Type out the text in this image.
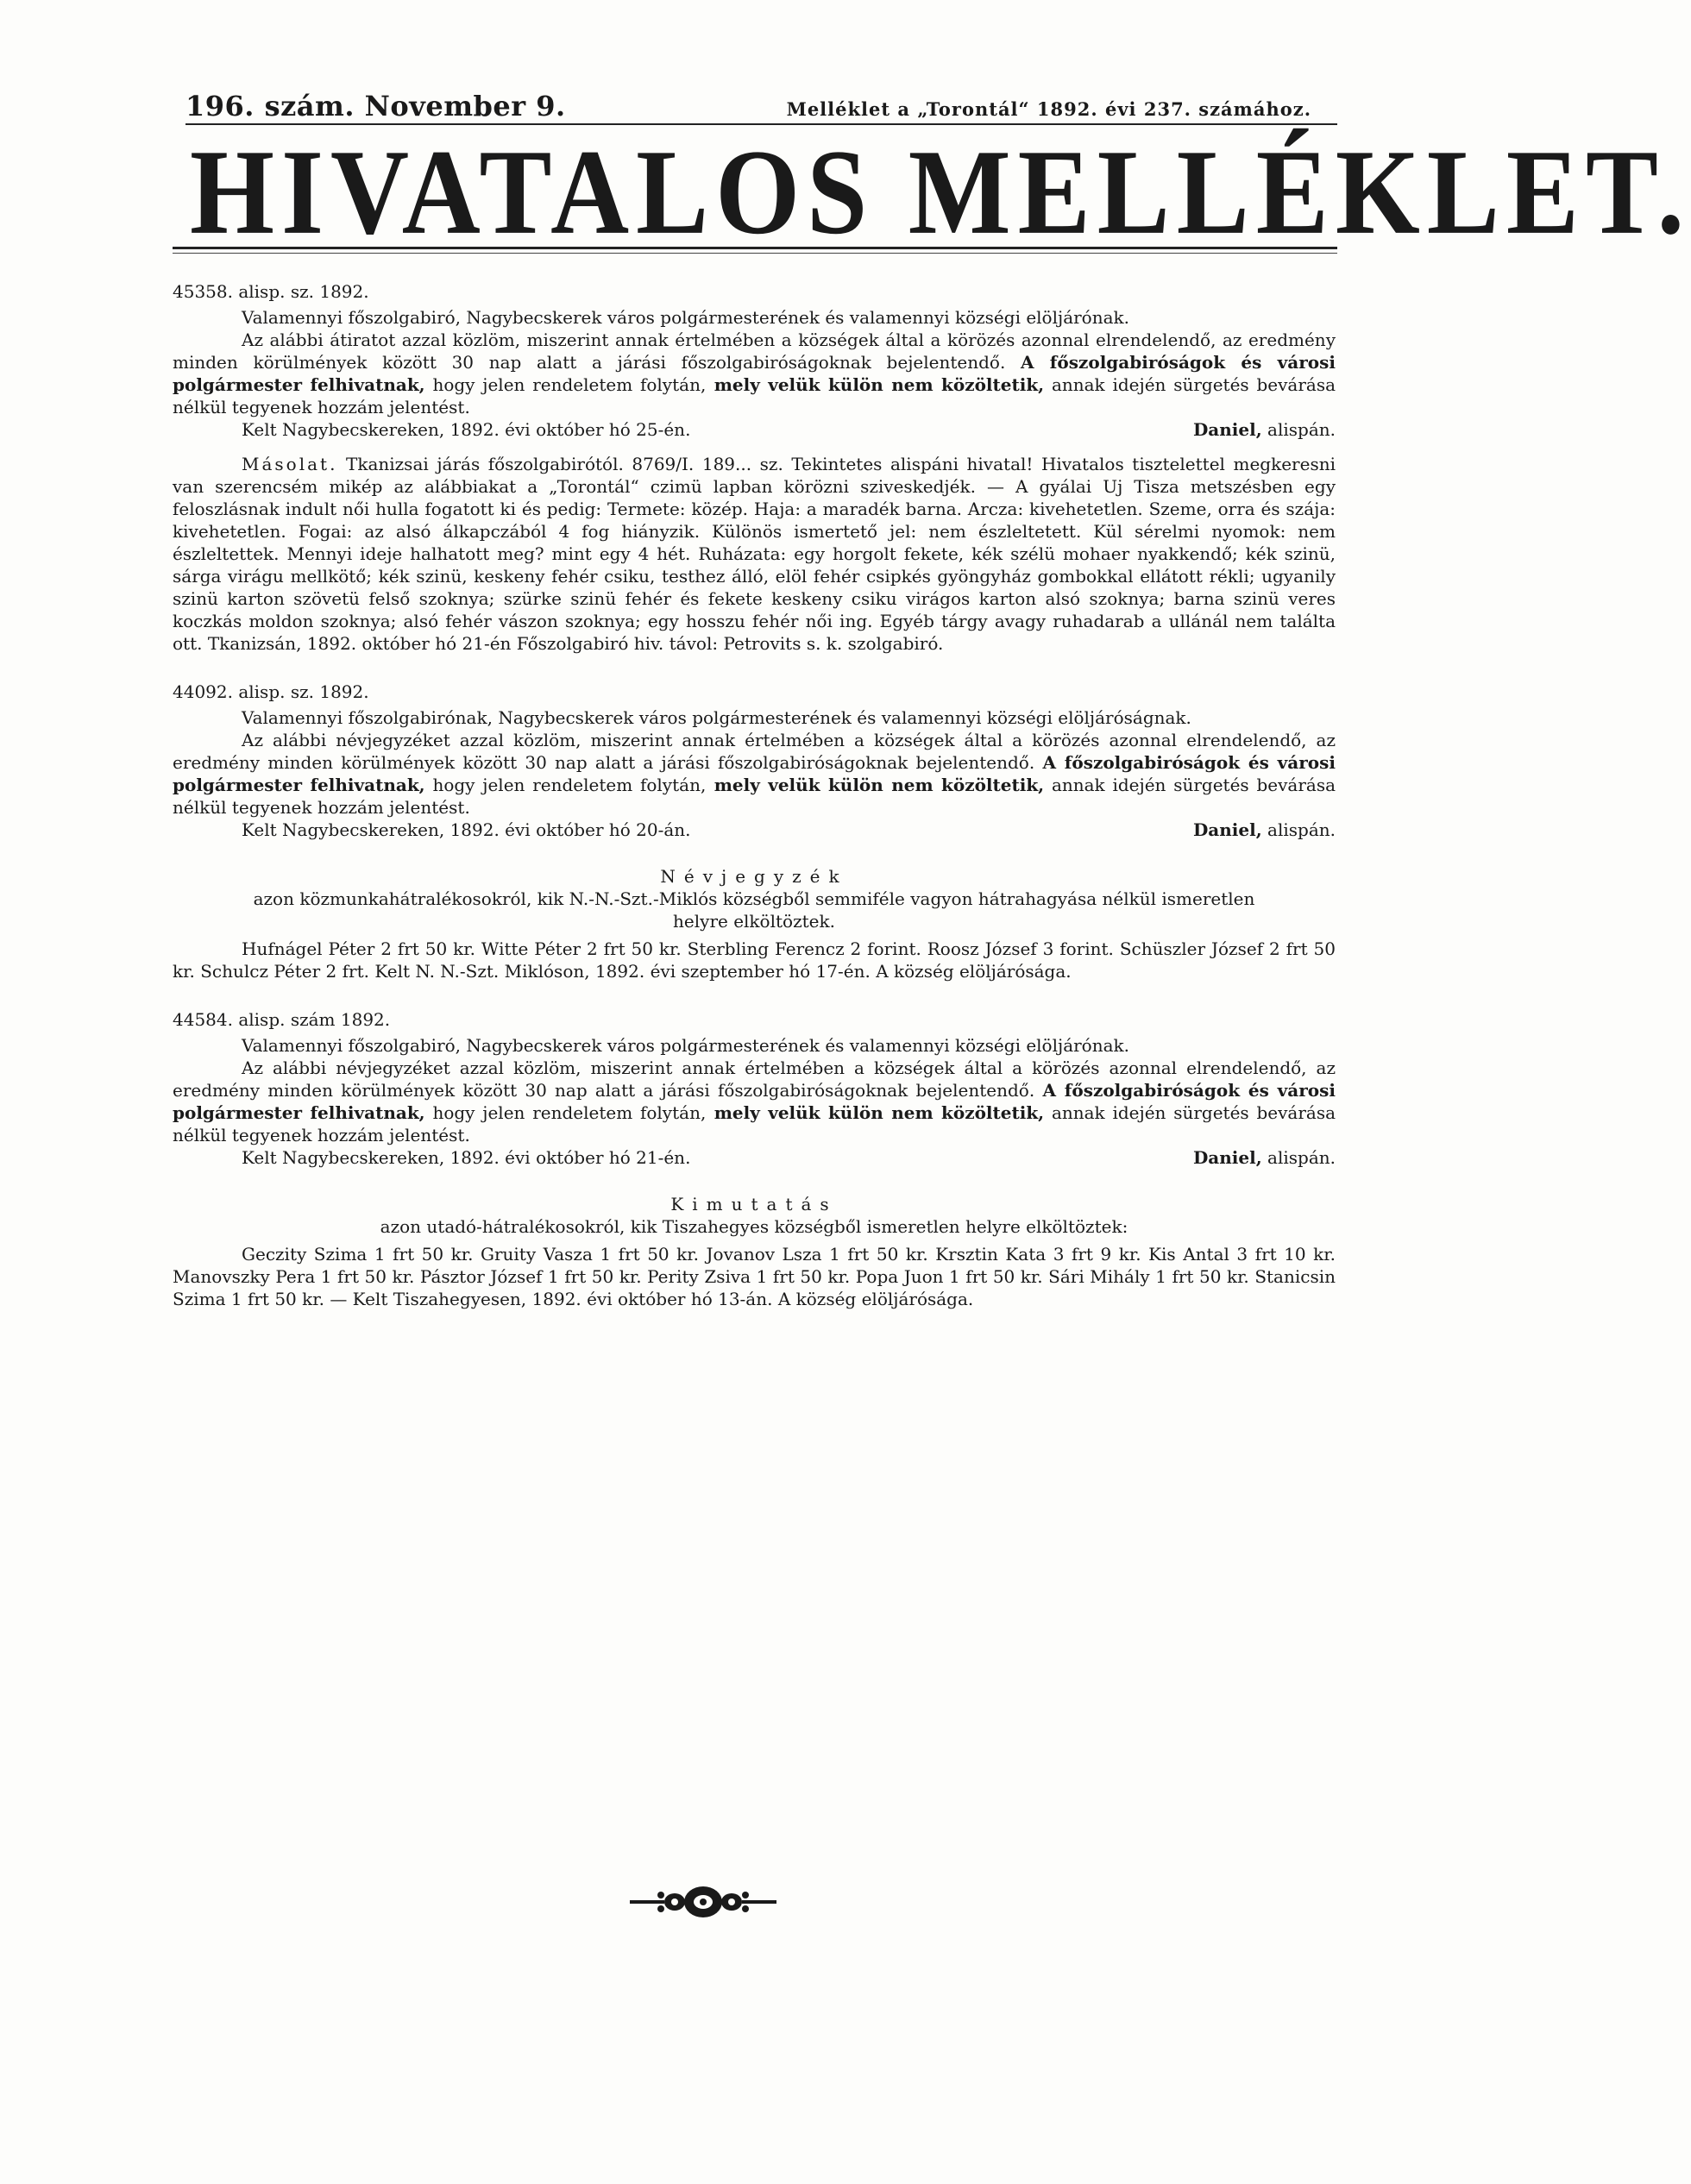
196. szám. November 9.	Melléklet a „Torontál“ 1892. évi 237. számához.
HIVATALOS MELLÉKLET.

45358. alisp. sz. 1892.

Valamennyi főszolgabiró, Nagybecskerek város polgármesterének és valamennyi községi elöljárónak.

Az alábbi átiratot azzal közlöm, miszerint annak értelmében a községek által a körözés azonnal elrendelendő, az eredmény minden körülmények között 30 nap alatt a járási főszolgabiróságoknak bejelentendő. A főszolgabiróságok és városi polgármester felhivatnak, hogy jelen rendeletem folytán, mely velük külön nem közöltetik, annak idején sürgetés bevárása nélkül tegyenek hozzám jelentést.

Kelt Nagybecskereken, 1892. évi október hó 25-én.	Daniel, alispán.

Másolat. Tkanizsai járás főszolgabirótól. 8769/I. 189... sz. Tekintetes alispáni hivatal! Hivatalos tisztelettel megkeresni van szerencsém mikép az alábbiakat a „Torontál“ czimü lapban körözni sziveskedjék. — A gyálai Uj Tisza metszésben egy feloszlásnak indult női hulla fogatott ki és pedig: Termete: közép. Haja: a maradék barna. Arcza: kivehetetlen. Szeme, orra és szája: kivehetetlen. Fogai: az alsó álkapczából 4 fog hiányzik. Különös ismertető jel: nem észleltetett. Kül sérelmi nyomok: nem észleltettek. Mennyi ideje halhatott meg? mint egy 4 hét. Ruházata: egy horgolt fekete, kék szélü mohaer nyakkendő; kék szinü, sárga virágu mellkötő; kék szinü, keskeny fehér csiku, testhez álló, elöl fehér csipkés gyöngyház gombokkal ellátott rékli; ugyanily szinü karton szövetü felső szoknya; szürke szinü fehér és fekete keskeny csiku virágos karton alsó szoknya; barna szinü veres koczkás moldon szoknya; alsó fehér vászon szoknya; egy hosszu fehér női ing. Egyéb tárgy avagy ruhadarab a ullánál nem találta ott. Tkanizsán, 1892. október hó 21-én Főszolgabiró hiv. távol: Petrovits s. k. szolgabiró.

44092. alisp. sz. 1892.

Valamennyi főszolgabirónak, Nagybecskerek város polgármesterének és valamennyi községi elöljáróságnak.

Az alábbi névjegyzéket azzal közlöm, miszerint annak értelmében a községek által a körözés azonnal elrendelendő, az eredmény minden körülmények között 30 nap alatt a járási főszolgabiróságoknak bejelentendő. A főszolgabiróságok és városi polgármester felhivatnak, hogy jelen rendeletem folytán, mely velük külön nem közöltetik, annak idején sürgetés bevárása nélkül tegyenek hozzám jelentést.

Kelt Nagybecskereken, 1892. évi október hó 20-án.	Daniel, alispán.

Névjegyzék

azon közmunkahátralékosokról, kik N.-N.-Szt.-Miklós községből semmiféle vagyon hátrahagyása nélkül ismeretlen helyre elköltöztek.

Hufnágel Péter 2 frt 50 kr. Witte Péter 2 frt 50 kr. Sterbling Ferencz 2 forint. Roosz József 3 forint. Schüszler József 2 frt 50 kr. Schulcz Péter 2 frt. Kelt N. N.-Szt. Miklóson, 1892. évi szeptember hó 17-én. A község elöljárósága.

44584. alisp. szám 1892.

Valamennyi főszolgabiró, Nagybecskerek város polgármesterének és valamennyi községi elöljárónak.

Az alábbi névjegyzéket azzal közlöm, miszerint annak értelmében a községek által a körözés azonnal elrendelendő, az eredmény minden körülmények között 30 nap alatt a járási főszolgabiróságoknak bejelentendő. A főszolgabiróságok és városi polgármester felhivatnak, hogy jelen rendeletem folytán, mely velük külön nem közöltetik, annak idején sürgetés bevárása nélkül tegyenek hozzám jelentést.

Kelt Nagybecskereken, 1892. évi október hó 21-én.	Daniel, alispán.

Kimutatás

azon utadó-hátralékosokról, kik Tiszahegyes községből ismeretlen helyre elköltöztek:

Geczity Szima 1 frt 50 kr. Gruity Vasza 1 frt 50 kr. Jovanov Lsza 1 frt 50 kr. Krsztin Kata 3 frt 9 kr. Kis Antal 3 frt 10 kr. Manovszky Pera 1 frt 50 kr. Pásztor József 1 frt 50 kr. Perity Zsiva 1 frt 50 kr. Popa Juon 1 frt 50 kr. Sári Mihály 1 frt 50 kr. Stanicsin Szima 1 frt 50 kr. — Kelt Tiszahegyesen, 1892. évi október hó 13-án. A község elöljárósága.
